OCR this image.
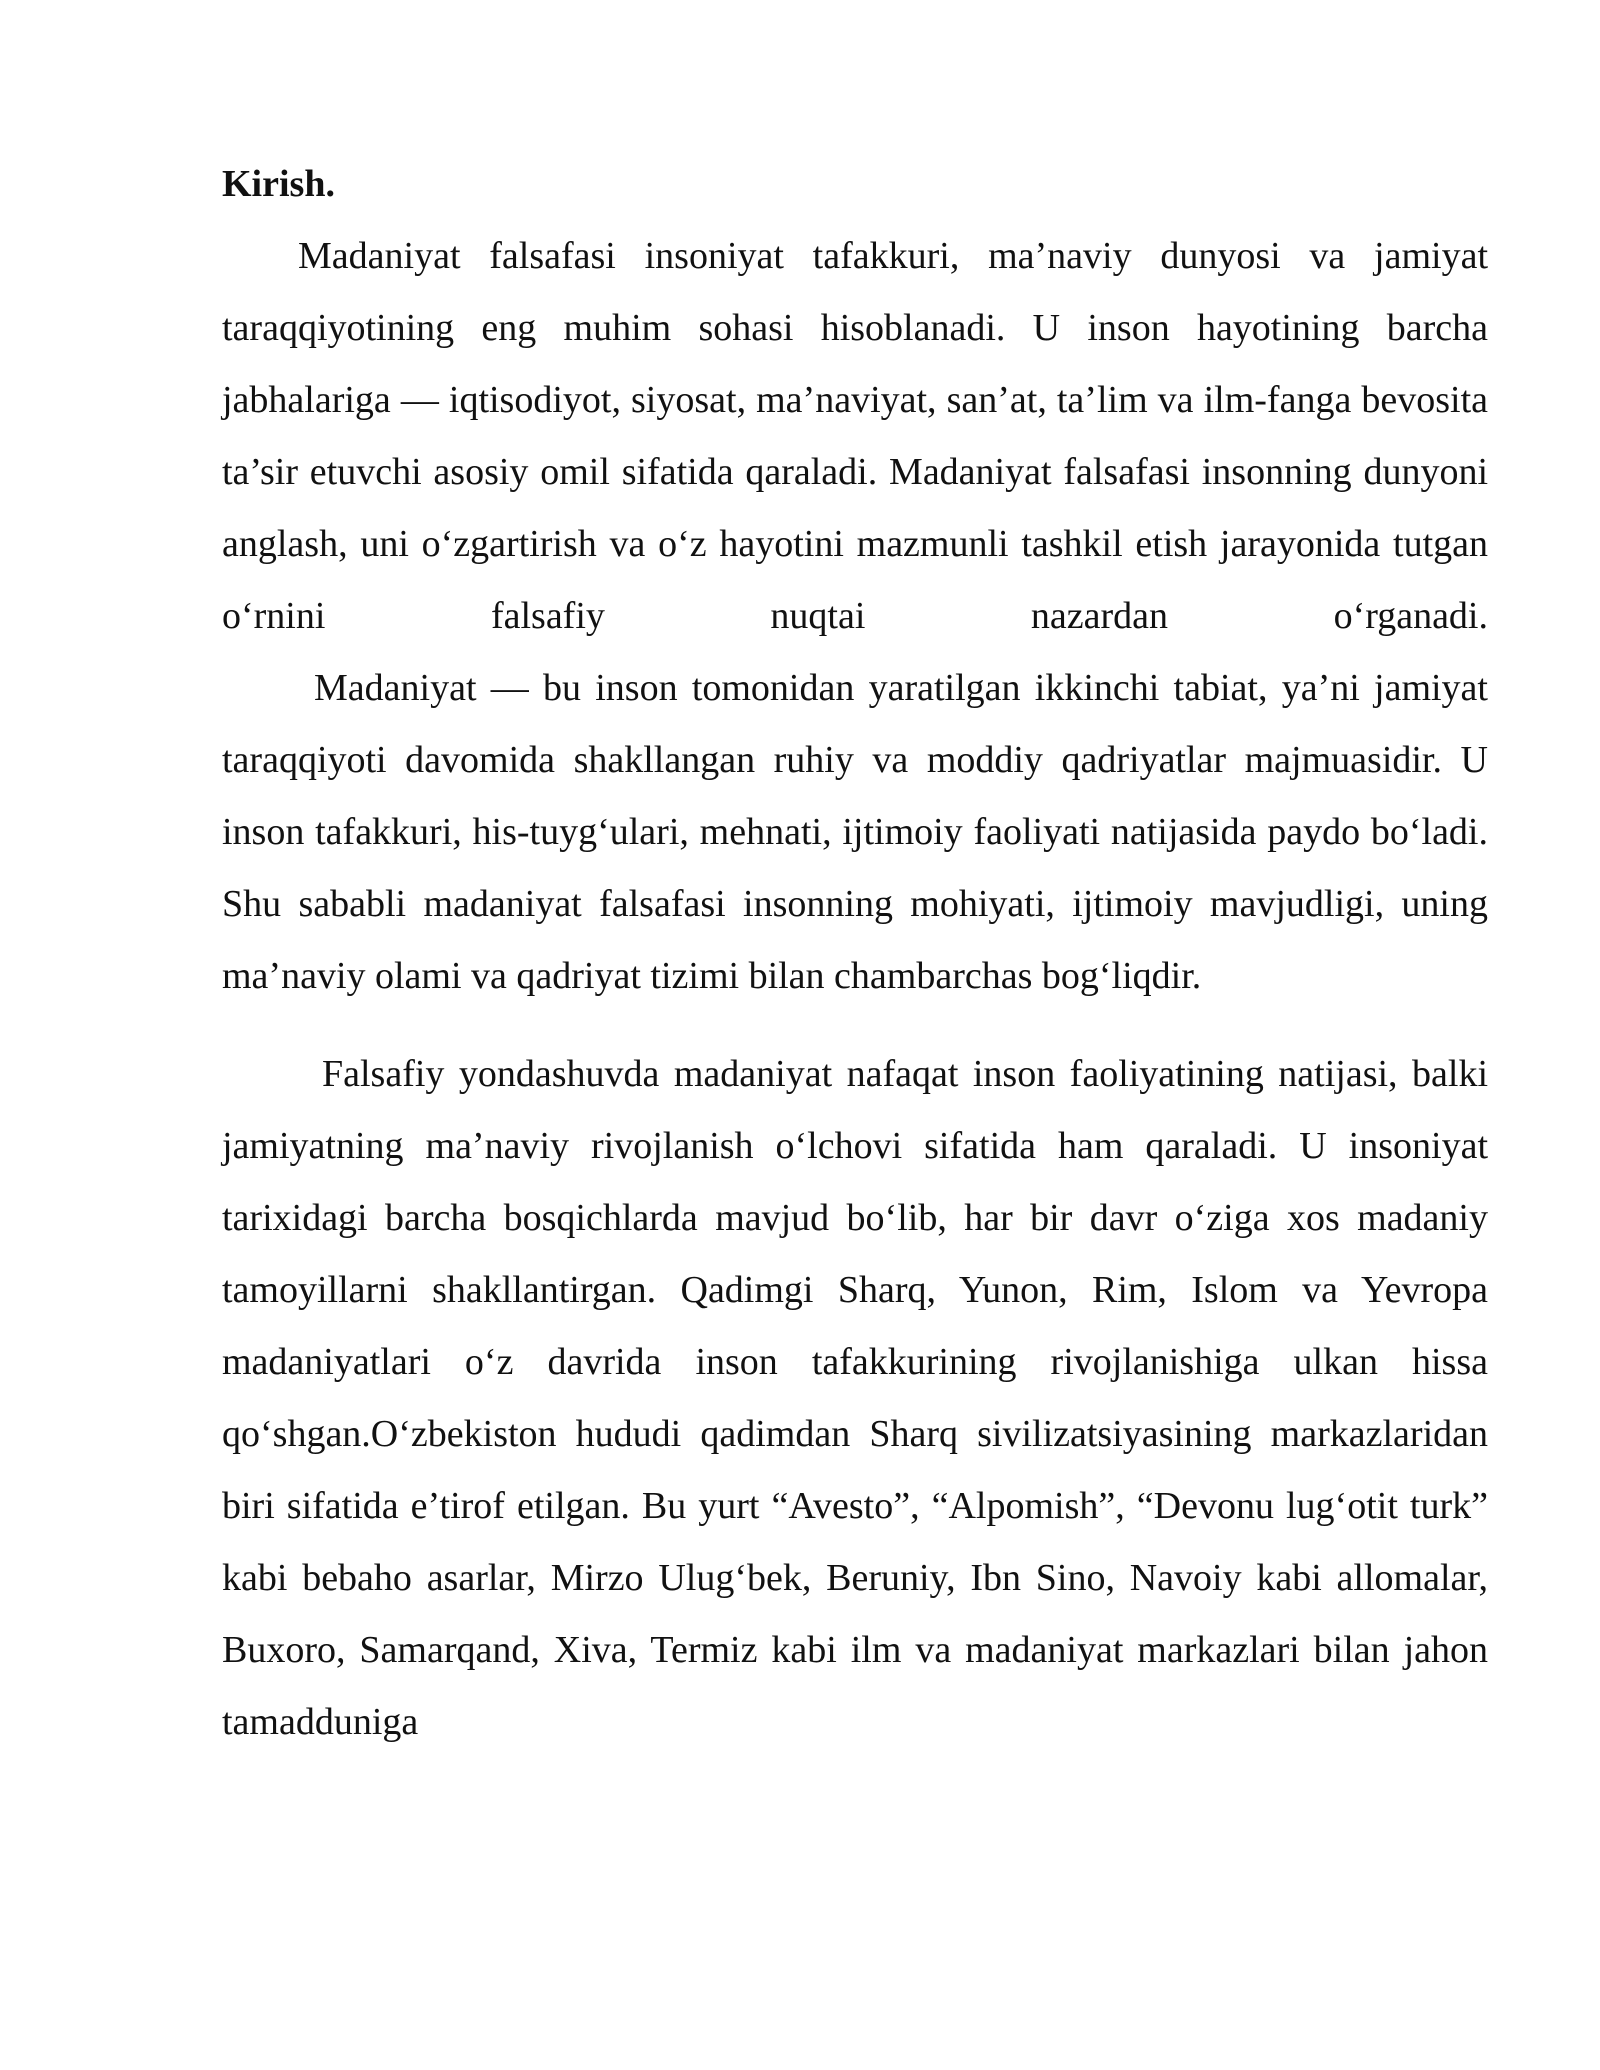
Kirish.

Madaniyat falsafasi insoniyat tafakkuri, ma’naviy dunyosi va jamiyat taraqqiyotining eng muhim sohasi hisoblanadi. U inson hayotining barcha jabhalariga — iqtisodiyot, siyosat, ma’naviyat, san’at, ta’lim va ilm-fanga bevosita ta’sir etuvchi asosiy omil sifatida qaraladi. Madaniyat falsafasi insonning dunyoni anglash, uni o‘zgartirish va o‘z hayotini mazmunli tashkil etish jarayonida tutgan o‘rnini falsafiy nuqtai nazardan o‘rganadi.

Madaniyat — bu inson tomonidan yaratilgan ikkinchi tabiat, ya’ni jamiyat taraqqiyoti davomida shakllangan ruhiy va moddiy qadriyatlar majmuasidir. U inson tafakkuri, his-tuyg‘ulari, mehnati, ijtimoiy faoliyati natijasida paydo bo‘ladi. Shu sababli madaniyat falsafasi insonning mohiyati, ijtimoiy mavjudligi, uning ma’naviy olami va qadriyat tizimi bilan chambarchas bog‘liqdir.

Falsafiy yondashuvda madaniyat nafaqat inson faoliyatining natijasi, balki jamiyatning ma’naviy rivojlanish o‘lchovi sifatida ham qaraladi. U insoniyat tarixidagi barcha bosqichlarda mavjud bo‘lib, har bir davr o‘ziga xos madaniy tamoyillarni shakllantirgan. Qadimgi Sharq, Yunon, Rim, Islom va Yevropa madaniyatlari o‘z davrida inson tafakkurining rivojlanishiga ulkan hissa qo‘shgan.O‘zbekiston hududi qadimdan Sharq sivilizatsiyasining markazlaridan biri sifatida e’tirof etilgan. Bu yurt “Avesto”, “Alpomish”, “Devonu lug‘otit turk” kabi bebaho asarlar, Mirzo Ulug‘bek, Beruniy, Ibn Sino, Navoiy kabi allomalar, Buxoro, Samarqand, Xiva, Termiz kabi ilm va madaniyat markazlari bilan jahon tamadduniga
